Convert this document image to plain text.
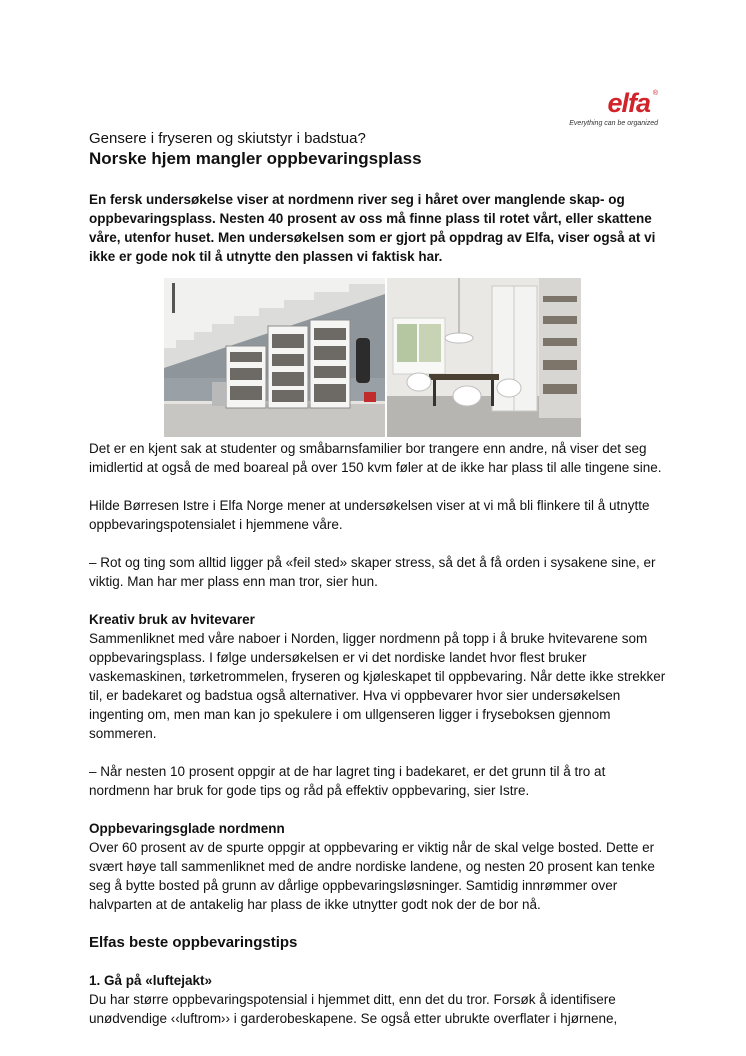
elfa ®
Everything can be organized

Gensere i fryseren og skiutstyr i badstua?

Norske hjem mangler oppbevaringsplass

En fersk undersøkelse viser at nordmenn river seg i håret over manglende skap- og oppbevaringsplass. Nesten 40 prosent av oss må finne plass til rotet vårt, eller skattene våre, utenfor huset. Men undersøkelsen som er gjort på oppdrag av Elfa, viser også at vi ikke er gode nok til å utnytte den plassen vi faktisk har.

Det er en kjent sak at studenter og småbarnsfamilier bor trangere enn andre, nå viser det seg imidlertid at også de med boareal på over 150 kvm føler at de ikke har plass til alle tingene sine.

Hilde Børresen Istre i Elfa Norge mener at undersøkelsen viser at vi må bli flinkere til å utnytte oppbevaringspotensialet i hjemmene våre.

– Rot og ting som alltid ligger på «feil sted» skaper stress, så det å få orden i sysakene sine, er viktig. Man har mer plass enn man tror, sier hun.

Kreativ bruk av hvitevarer

Sammenliknet med våre naboer i Norden, ligger nordmenn på topp i å bruke hvitevarene som oppbevaringsplass. I følge undersøkelsen er vi det nordiske landet hvor flest bruker vaskemaskinen, tørketrommelen, fryseren og kjøleskapet til oppbevaring. Når dette ikke strekker til, er badekaret og badstua også alternativer. Hva vi oppbevarer hvor sier undersøkelsen ingenting om, men man kan jo spekulere i om ullgenseren ligger i fryseboksen gjennom sommeren.

– Når nesten 10 prosent oppgir at de har lagret ting i badekaret, er det grunn til å tro at nordmenn har bruk for gode tips og råd på effektiv oppbevaring, sier Istre.

Oppbevaringsglade nordmenn

Over 60 prosent av de spurte oppgir at oppbevaring er viktig når de skal velge bosted. Dette er svært høye tall sammenliknet med de andre nordiske landene, og nesten 20 prosent kan tenke seg å bytte bosted på grunn av dårlige oppbevaringsløsninger. Samtidig innrømmer over halvparten at de antakelig har plass de ikke utnytter godt nok der de bor nå.

Elfas beste oppbevaringstips

1. Gå på «luftejakt»

Du har større oppbevaringspotensial i hjemmet ditt, enn det du tror. Forsøk å identifisere unødvendige ‹‹luftrom›› i garderobeskapene. Se også etter ubrukte overflater i hjørnene,
